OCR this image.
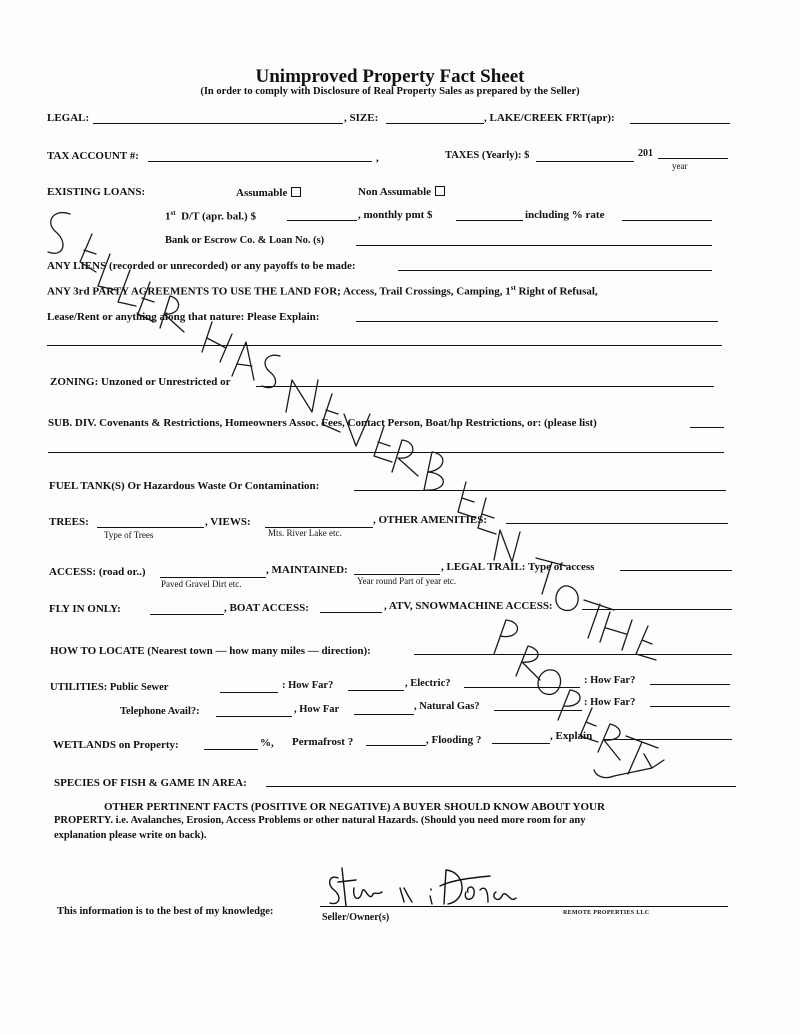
Unimproved Property Fact Sheet
(In order to comply with Disclosure of Real Property Sales as prepared by the Seller)
LEGAL:	, SIZE:	, LAKE/CREEK FRT(apr):
TAX ACCOUNT #:	,	TAXES (Yearly): $	201
year
EXISTING LOANS:	Assumable	Non Assumable
1st D/T (apr. bal.) $	, monthly pmt $	including % rate
Bank or Escrow Co. & Loan No. (s)
ANY LIENS (recorded or unrecorded) or any payoffs to be made:
ANY 3rd PARTY AGREEMENTS TO USE THE LAND FOR; Access, Trail Crossings, Camping, 1st Right of Refusal,
Lease/Rent or anything along that nature: Please Explain:
ZONING: Unzoned or Unrestricted or
SUB. DIV. Covenants & Restrictions, Homeowners Assoc. Fees, Contact Person, Boat/hp Restrictions, or: (please list)
FUEL TANK(S) Or Hazardous Waste Or Contamination:
TREES:
Type of Trees
, VIEWS:
Mts. River Lake etc.
, OTHER AMENITIES:
ACCESS: (road or..)
Paved Gravel Dirt etc.
, MAINTAINED:
Year round Part of year etc.
, LEGAL TRAIL: Type of access
FLY IN ONLY:	, BOAT ACCESS:	, ATV, SNOWMACHINE ACCESS:
HOW TO LOCATE (Nearest town — how many miles — direction):
UTILITIES: Public Sewer	: How Far?	, Electric?	: How Far?
Telephone Avail?:	, How Far	, Natural Gas?	: How Far?
WETLANDS on Property:	%, Permafrost ?	, Flooding ?	, Explain
SPECIES OF FISH & GAME IN AREA:
OTHER PERTINENT FACTS (POSITIVE OR NEGATIVE) A BUYER SHOULD KNOW ABOUT YOUR
PROPERTY. i.e. Avalanches, Erosion, Access Problems or other natural Hazards. (Should you need more room for any
explanation please write on back).
This information is to the best of my knowledge:
Seller/Owner(s)	REMOTE PROPERTIES LLC
